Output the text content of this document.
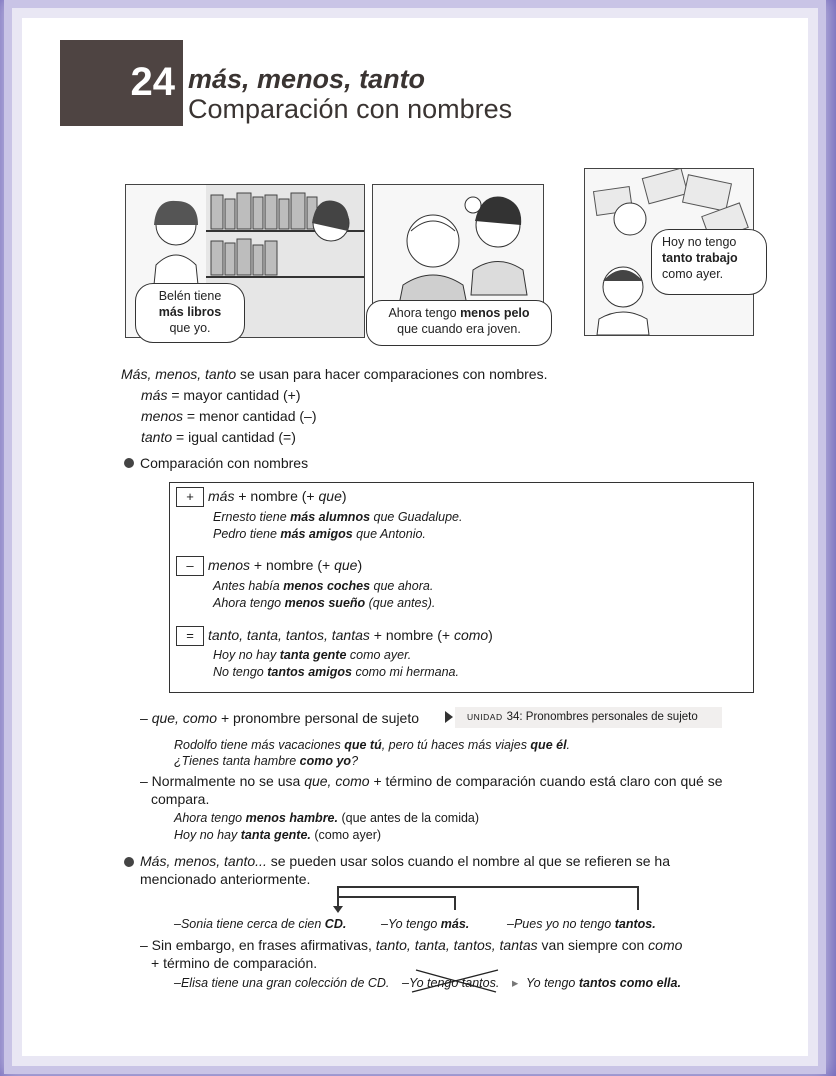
24 más, menos, tanto
Comparación con nombres
Belén tiene
más libros
que yo.
Ahora tengo menos pelo
que cuando era joven.
Hoy no tengo
tanto trabajo
como ayer.
Más, menos, tanto se usan para hacer comparaciones con nombres.
más = mayor cantidad (+)
menos = menor cantidad (–)
tanto = igual cantidad (=)
Comparación con nombres
+	más + nombre (+ que)
Ernesto tiene más alumnos que Guadalupe.
Pedro tiene más amigos que Antonio.
–	menos + nombre (+ que)
Antes había menos coches que ahora.
Ahora tengo menos sueño (que antes).
=	tanto, tanta, tantos, tantas + nombre (+ como)
Hoy no hay tanta gente como ayer.
No tengo tantos amigos como mi hermana.
– que, como + pronombre personal de sujeto	UNIDAD 34: Pronombres personales de sujeto
Rodolfo tiene más vacaciones que tú, pero tú haces más viajes que él.
¿Tienes tanta hambre como yo?
– Normalmente no se usa que, como + término de comparación cuando está claro con qué se
compara.
Ahora tengo menos hambre. (que antes de la comida)
Hoy no hay tanta gente. (como ayer)
Más, menos, tanto... se pueden usar solos cuando el nombre al que se refieren se ha
mencionado anteriormente.
–Sonia tiene cerca de cien CD.	–Yo tengo más.	–Pues yo no tengo tantos.
– Sin embargo, en frases afirmativas, tanto, tanta, tantos, tantas van siempre con como
+ término de comparación.
–Elisa tiene una gran colección de CD. –Yo tengo tantos. ▸ Yo tengo tantos como ella.
